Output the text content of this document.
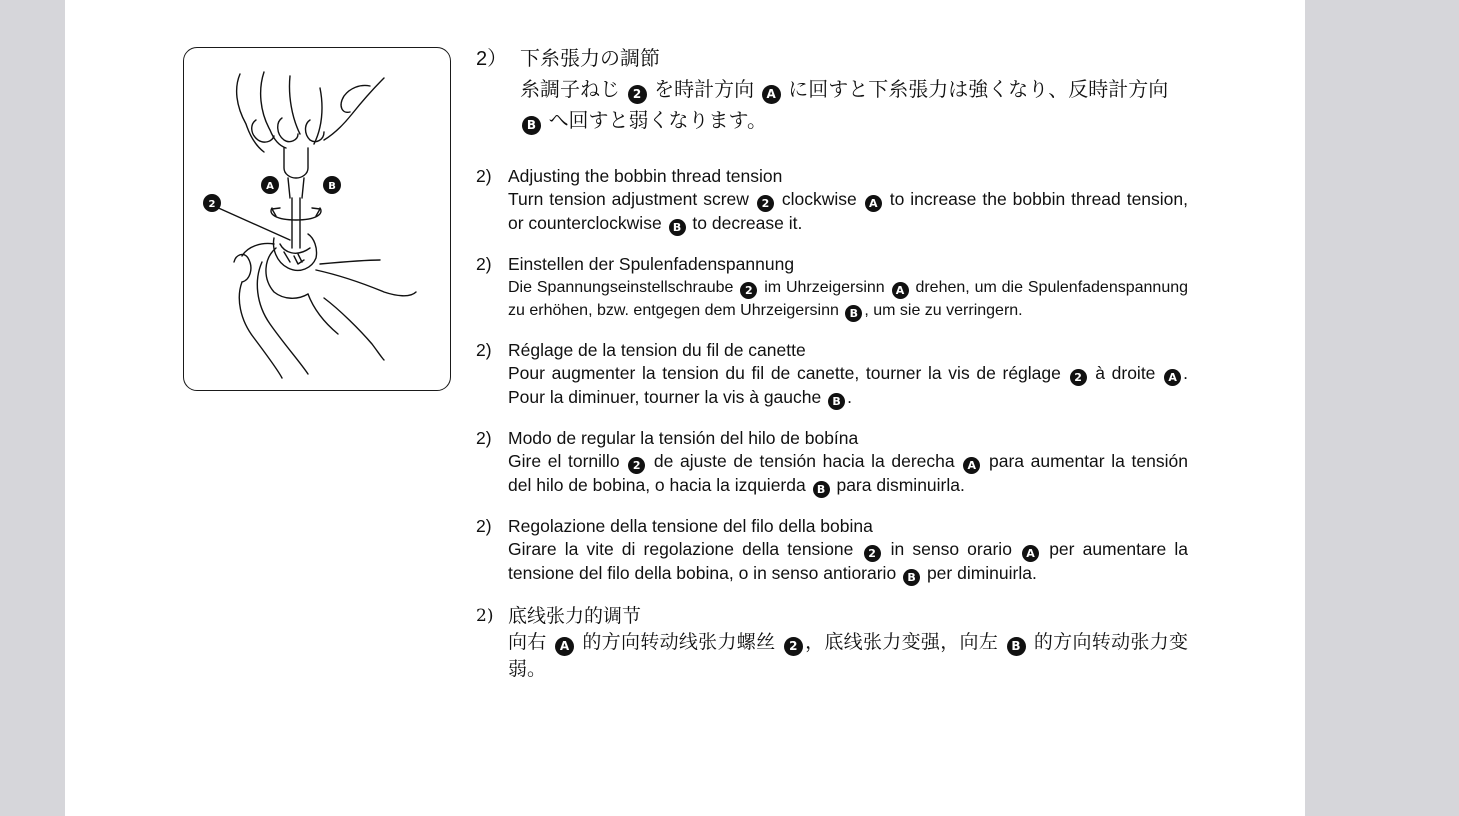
2
A	B
2） 下糸張力の調節
糸調子ねじ 2 を時計方向 A に回すと下糸張力は強くなり、反時計方向
B へ回すと弱くなります。
2) Adjusting the bobbin thread tension
Turn tension adjustment screw 2 clockwise A to increase the bobbin thread tension, or counterclockwise B to decrease it.
2) Einstellen der Spulenfadenspannung
Die Spannungseinstellschraube 2 im Uhrzeigersinn A drehen, um die Spulenfadenspannung zu erhöhen, bzw. entgegen dem Uhrzeigersinn B , um sie zu verringern.
2) Réglage de la tension du fil de canette
Pour augmenter la tension du fil de canette, tourner la vis de réglage 2 à droite A . Pour la diminuer, tourner la vis à gauche B .
2) Modo de regular la tensión del hilo de bobína
Gire el tornillo 2 de ajuste de tensión hacia la derecha A para aumentar la tensión del hilo de bobina, o hacia la izquierda B para disminuirla.
2) Regolazione della tensione del filo della bobina
Girare la vite di regolazione della tensione 2 in senso orario A per aumentare la tensione del filo della bobina, o in senso antiorario B per diminuirla.
2) 底线张力的调节
向右 A 的方向转动线张力螺丝 2 ，底线张力变强，向左 B 的方向转动张力变弱。
